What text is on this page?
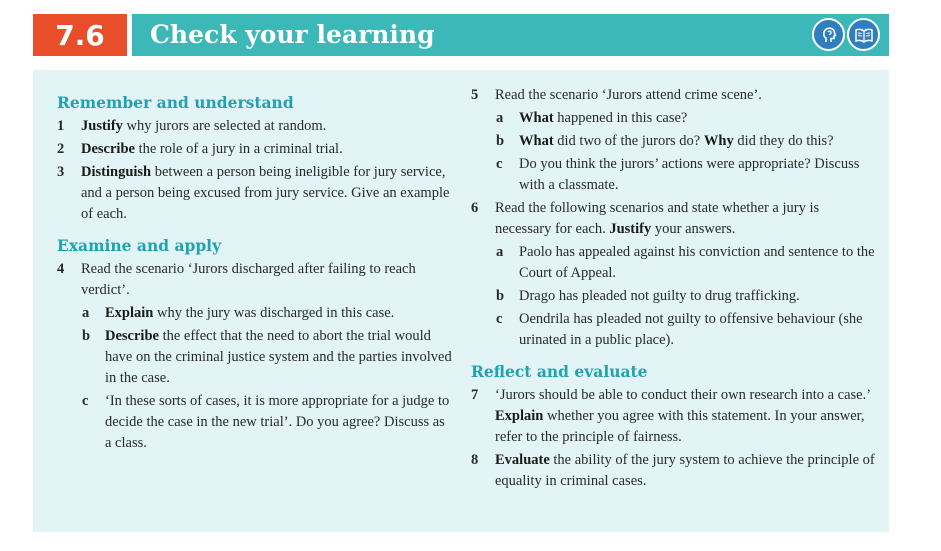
7.6	Check your learning
Remember and understand
1 Justify why jurors are selected at random.
2 Describe the role of a jury in a criminal trial.
3 Distinguish between a person being ineligible for jury service, and a person being excused from jury service. Give an example of each.
Examine and apply
4 Read the scenario ‘Jurors discharged after failing to reach verdict’.
a Explain why the jury was discharged in this case.
b Describe the effect that the need to abort the trial would have on the criminal justice system and the parties involved in the case.
c ‘In these sorts of cases, it is more appropriate for a judge to decide the case in the new trial’. Do you agree? Discuss as a class.
5 Read the scenario ‘Jurors attend crime scene’.
a What happened in this case?
b What did two of the jurors do? Why did they do this?
c Do you think the jurors’ actions were appropriate? Discuss with a classmate.
6 Read the following scenarios and state whether a jury is necessary for each. Justify your answers.
a Paolo has appealed against his conviction and sentence to the Court of Appeal.
b Drago has pleaded not guilty to drug trafficking.
c Oendrila has pleaded not guilty to offensive behaviour (she urinated in a public place).
Reflect and evaluate
7 ‘Jurors should be able to conduct their own research into a case.’ Explain whether you agree with this statement. In your answer, refer to the principle of fairness.
8 Evaluate the ability of the jury system to achieve the principle of equality in criminal cases.
